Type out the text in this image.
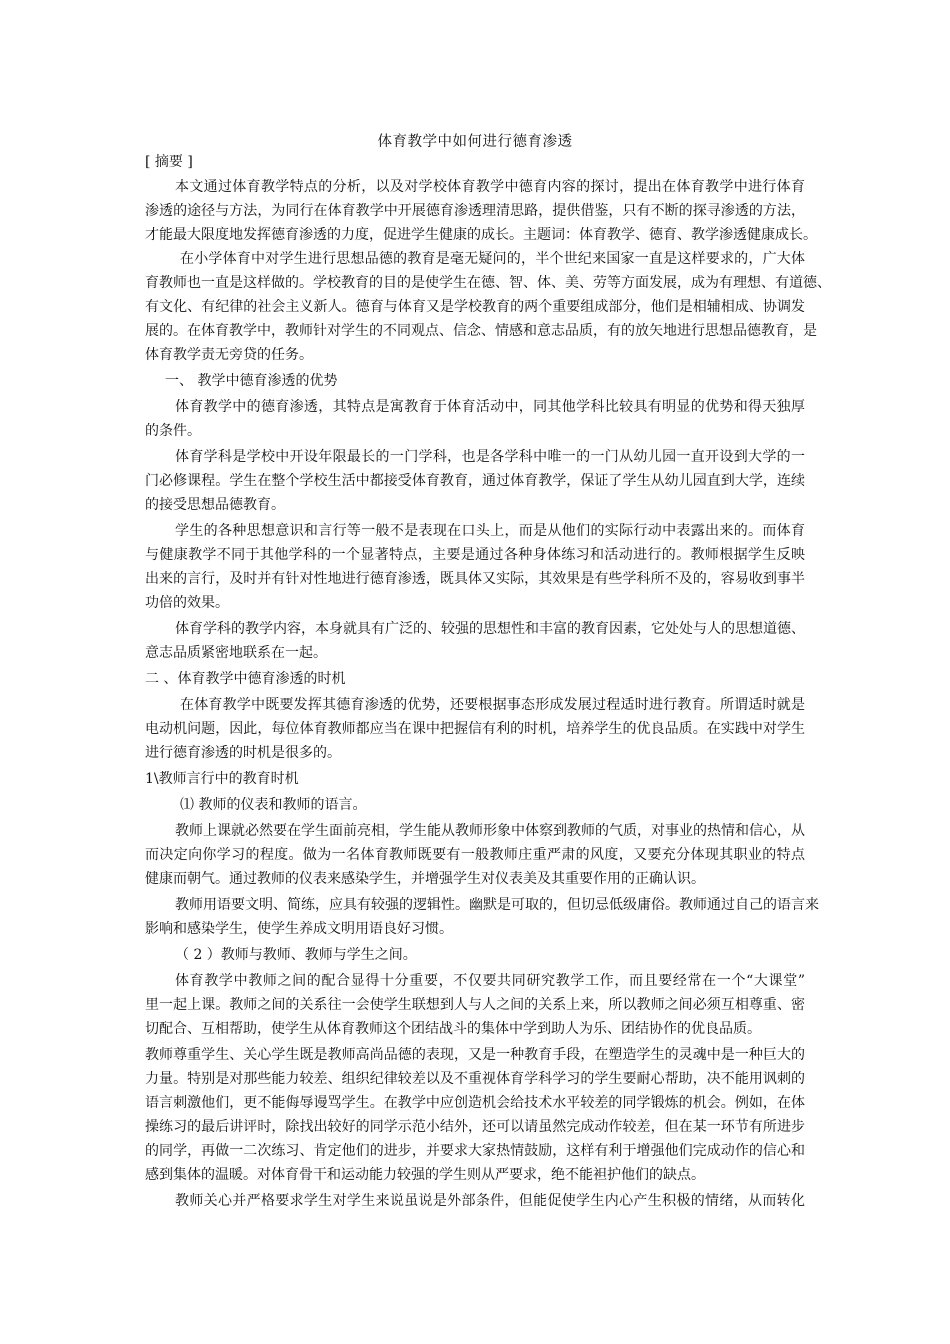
体育教学中如何进行德育渗透
[ 摘要 ]
本文通过体育教学特点的分析，以及对学校体育教学中德育内容的探讨，提出在体育教学中进行体育
渗透的途径与方法，为同行在体育教学中开展德育渗透理清思路，提供借鉴，只有不断的探寻渗透的方法，
才能最大限度地发挥德育渗透的力度，促进学生健康的成长。主题词：体育教学、德育、教学渗透健康成长。
在小学体育中对学生进行思想品德的教育是毫无疑问的，半个世纪来国家一直是这样要求的，广大体
育教师也一直是这样做的。学校教育的目的是使学生在德、智、体、美、劳等方面发展，成为有理想、有道德、
有文化、有纪律的社会主义新人。德育与体育又是学校教育的两个重要组成部分，他们是相辅相成、协调发
展的。在体育教学中，教师针对学生的不同观点、信念、情感和意志品质，有的放矢地进行思想品德教育，是
体育教学责无旁贷的任务。
一、 教学中德育渗透的优势
体育教学中的德育渗透，其特点是寓教育于体育活动中，同其他学科比较具有明显的优势和得天独厚
的条件。
体育学科是学校中开设年限最长的一门学科，也是各学科中唯一的一门从幼儿园一直开设到大学的一
门必修课程。学生在整个学校生活中都接受体育教育，通过体育教学，保证了学生从幼儿园直到大学，连续
的接受思想品德教育。
学生的各种思想意识和言行等一般不是表现在口头上，而是从他们的实际行动中表露出来的。而体育
与健康教学不同于其他学科的一个显著特点，主要是通过各种身体练习和活动进行的。教师根据学生反映
出来的言行，及时并有针对性地进行德育渗透，既具体又实际，其效果是有些学科所不及的，容易收到事半
功倍的效果。
体育学科的教学内容，本身就具有广泛的、较强的思想性和丰富的教育因素，它处处与人的思想道德、
意志品质紧密地联系在一起。
二 、体育教学中德育渗透的时机
在体育教学中既要发挥其德育渗透的优势，还要根据事态形成发展过程适时进行教育。所谓适时就是
电动机问题，因此，每位体育教师都应当在课中把握信有利的时机，培养学生的优良品质。在实践中对学生
进行德育渗透的时机是很多的。
1\教师言行中的教育时机
⑴ 教师的仪表和教师的语言。
教师上课就必然要在学生面前亮相，学生能从教师形象中体察到教师的气质，对事业的热情和信心，从
而决定向你学习的程度。做为一名体育教师既要有一般教师庄重严肃的风度，又要充分体现其职业的特点
健康而朝气。通过教师的仪表来感染学生，并增强学生对仪表美及其重要作用的正确认识。
教师用语要文明、简练，应具有较强的逻辑性。幽默是可取的，但切忌低级庸俗。教师通过自己的语言来
影响和感染学生，使学生养成文明用语良好习惯。
（ 2 ）教师与教师、教师与学生之间。
体育教学中教师之间的配合显得十分重要，不仅要共同研究教学工作，而且要经常在一个“大课堂”
里一起上课。教师之间的关系往一会使学生联想到人与人之间的关系上来，所以教师之间必须互相尊重、密
切配合、互相帮助，使学生从体育教师这个团结战斗的集体中学到助人为乐、团结协作的优良品质。
教师尊重学生、关心学生既是教师高尚品德的表现，又是一种教育手段，在塑造学生的灵魂中是一种巨大的
力量。特别是对那些能力较差、组织纪律较差以及不重视体育学科学习的学生要耐心帮助，决不能用讽刺的
语言刺激他们，更不能侮辱谩骂学生。在教学中应创造机会给技术水平较差的同学锻炼的机会。例如，在体
操练习的最后讲评时，除找出较好的同学示范小结外，还可以请虽然完成动作较差，但在某一环节有所进步
的同学，再做一二次练习、肯定他们的进步，并要求大家热情鼓励，这样有利于增强他们完成动作的信心和
感到集体的温暖。对体育骨干和运动能力较强的学生则从严要求，绝不能袒护他们的缺点。
教师关心并严格要求学生对学生来说虽说是外部条件，但能促使学生内心产生积极的情绪，从而转化
